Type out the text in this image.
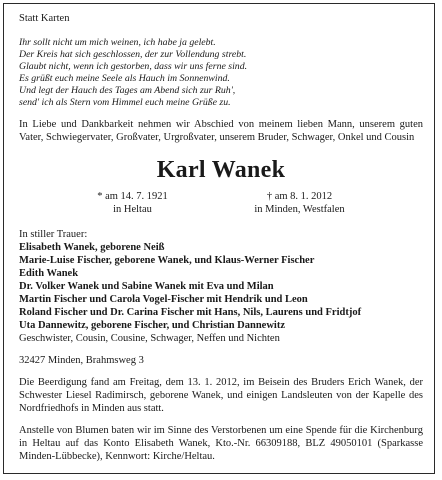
Statt Karten
Ihr sollt nicht um mich weinen, ich habe ja gelebt.
Der Kreis hat sich geschlossen, der zur Vollendung strebt.
Glaubt nicht, wenn ich gestorben, dass wir uns ferne sind.
Es grüßt euch meine Seele als Hauch im Sonnenwind.
Und legt der Hauch des Tages am Abend sich zur Ruh',
send' ich als Stern vom Himmel euch meine Grüße zu.
In Liebe und Dankbarkeit nehmen wir Abschied von meinem lieben Mann, unserem guten Vater, Schwiegervater, Großvater, Urgroßvater, unserem Bruder, Schwager, Onkel und Cousin
Karl Wanek
* am 14. 7. 1921
in Heltau
† am 8. 1. 2012
in Minden, Westfalen
In stiller Trauer:
Elisabeth Wanek, geborene Neiß
Marie-Luise Fischer, geborene Wanek, und Klaus-Werner Fischer
Edith Wanek
Dr. Volker Wanek und Sabine Wanek mit Eva und Milan
Martin Fischer und Carola Vogel-Fischer mit Hendrik und Leon
Roland Fischer und Dr. Carina Fischer mit Hans, Nils, Laurens und Fridtjof
Uta Dannewitz, geborene Fischer, und Christian Dannewitz
Geschwister, Cousin, Cousine, Schwager, Neffen und Nichten
32427 Minden, Brahmsweg 3
Die Beerdigung fand am Freitag, dem 13. 1. 2012, im Beisein des Bruders Erich Wanek, der Schwester Liesel Radimirsch, geborene Wanek, und einigen Landsleuten von der Kapelle des Nordfriedhofs in Minden aus statt.
Anstelle von Blumen baten wir im Sinne des Verstorbenen um eine Spende für die Kirchenburg in Heltau auf das Konto Elisabeth Wanek, Kto.-Nr. 66309188, BLZ 49050101 (Sparkasse Minden-Lübbecke), Kennwort: Kirche/Heltau.
